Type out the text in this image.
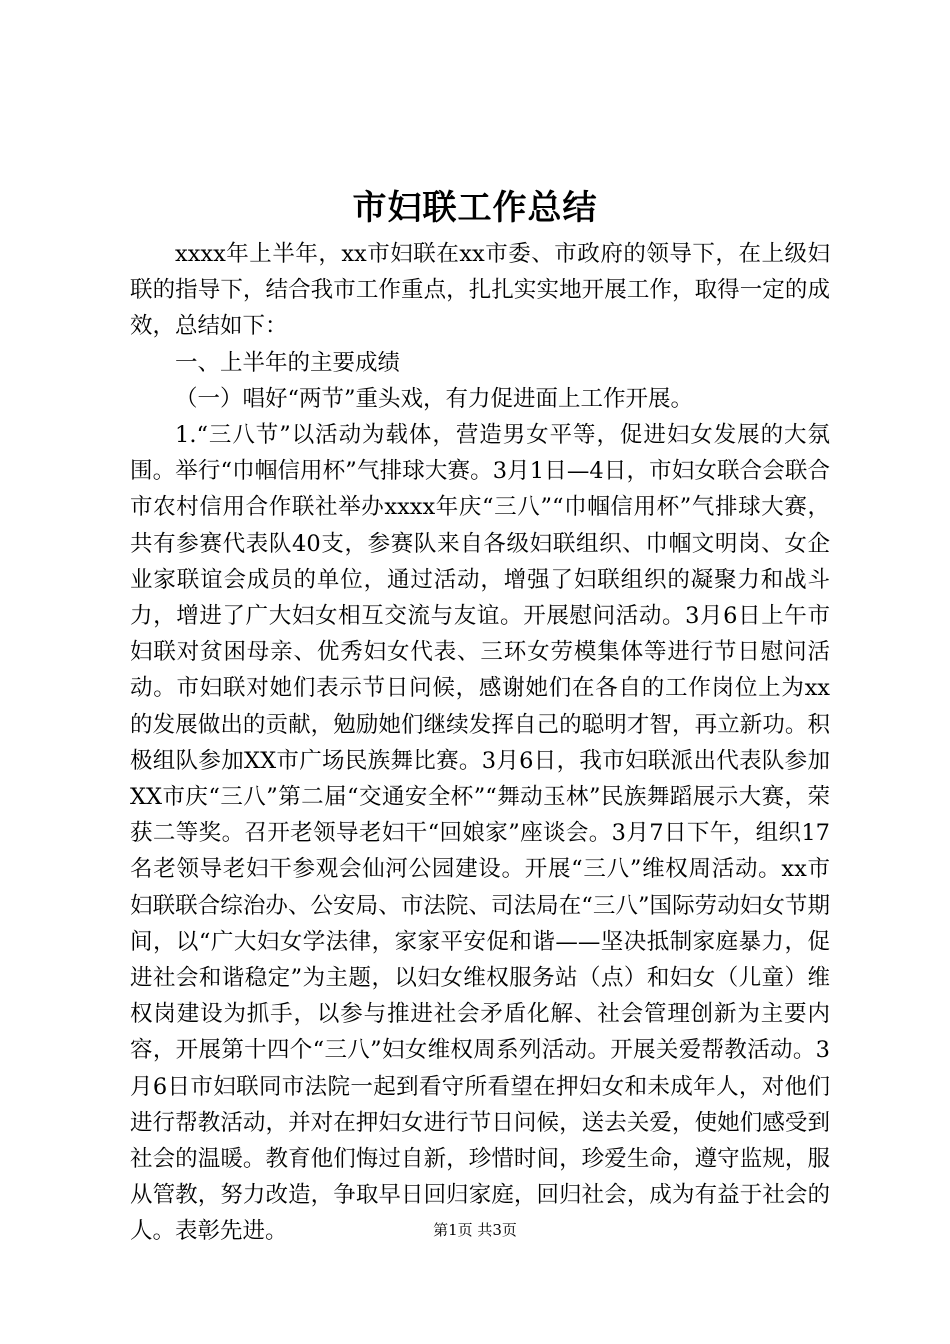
市妇联工作总结

xxxx年上半年，xx市妇联在xx市委、市政府的领导下，在上级妇联的指导下，结合我市工作重点，扎扎实实地开展工作，取得一定的成效，总结如下：

一、上半年的主要成绩

（一）唱好“两节”重头戏，有力促进面上工作开展。

1.“三八节”以活动为载体，营造男女平等，促进妇女发展的大氛围。举行“巾帼信用杯”气排球大赛。3月1日—4日，市妇女联合会联合市农村信用合作联社举办xxxx年庆“三八”“巾帼信用杯”气排球大赛，共有参赛代表队40支，参赛队来自各级妇联组织、巾帼文明岗、女企业家联谊会成员的单位，通过活动，增强了妇联组织的凝聚力和战斗力，增进了广大妇女相互交流与友谊。开展慰问活动。3月6日上午市妇联对贫困母亲、优秀妇女代表、三环女劳模集体等进行节日慰问活动。市妇联对她们表示节日问候，感谢她们在各自的工作岗位上为xx的发展做出的贡献，勉励她们继续发挥自己的聪明才智，再立新功。积极组队参加XX市广场民族舞比赛。3月6日，我市妇联派出代表队参加XX市庆“三八”第二届“交通安全杯”“舞动玉林”民族舞蹈展示大赛，荣获二等奖。召开老领导老妇干“回娘家”座谈会。3月7日下午，组织17名老领导老妇干参观会仙河公园建设。开展“三八”维权周活动。xx市妇联联合综治办、公安局、市法院、司法局在“三八”国际劳动妇女节期间，以“广大妇女学法律，家家平安促和谐——坚决抵制家庭暴力，促进社会和谐稳定”为主题，以妇女维权服务站（点）和妇女（儿童）维权岗建设为抓手，以参与推进社会矛盾化解、社会管理创新为主要内容，开展第十四个“三八”妇女维权周系列活动。开展关爱帮教活动。3月6日市妇联同市法院一起到看守所看望在押妇女和未成年人，对他们进行帮教活动，并对在押妇女进行节日问候，送去关爱，使她们感受到社会的温暖。教育他们悔过自新，珍惜时间，珍爱生命，遵守监规，服从管教，努力改造，争取早日回归家庭，回归社会，成为有益于社会的人。表彰先进。	第1页 共3页
